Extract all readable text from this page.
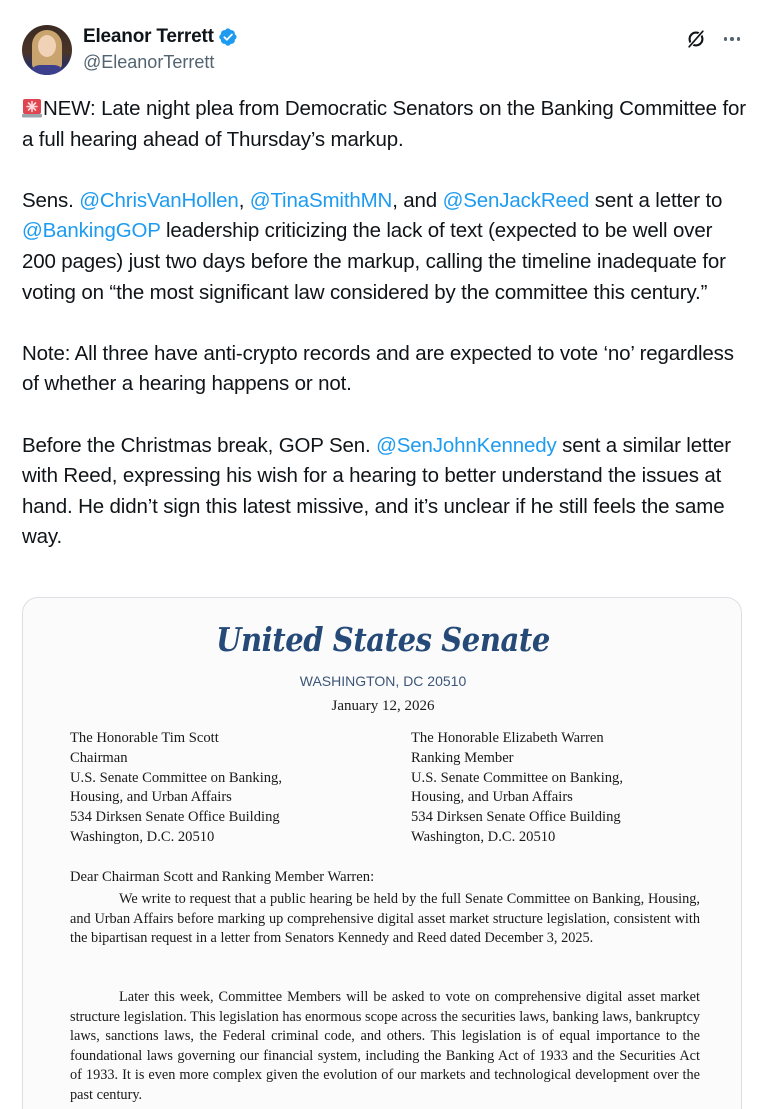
Eleanor Terrett
@EleanorTerrett

NEW: Late night plea from Democratic Senators on the Banking Committee for a full hearing ahead of Thursday’s markup.

Sens. @ChrisVanHollen, @TinaSmithMN, and @SenJackReed sent a letter to @BankingGOP leadership criticizing the lack of text (expected to be well over 200 pages) just two days before the markup, calling the timeline inadequate for voting on “the most significant law considered by the committee this century.”

Note: All three have anti-crypto records and are expected to vote ‘no’ regardless of whether a hearing happens or not.

Before the Christmas break, GOP Sen. @SenJohnKennedy sent a similar letter with Reed, expressing his wish for a hearing to better understand the issues at hand. He didn’t sign this latest missive, and it’s unclear if he still feels the same way.

United States Senate
WASHINGTON, DC 20510
January 12, 2026
The Honorable Tim Scott
Chairman
U.S. Senate Committee on Banking,
Housing, and Urban Affairs
534 Dirksen Senate Office Building
Washington, D.C. 20510
The Honorable Elizabeth Warren
Ranking Member
U.S. Senate Committee on Banking,
Housing, and Urban Affairs
534 Dirksen Senate Office Building
Washington, D.C. 20510
Dear Chairman Scott and Ranking Member Warren:
We write to request that a public hearing be held by the full Senate Committee on Banking, Housing, and Urban Affairs before marking up comprehensive digital asset market structure legislation, consistent with the bipartisan request in a letter from Senators Kennedy and Reed dated December 3, 2025.
Later this week, Committee Members will be asked to vote on comprehensive digital asset market structure legislation. This legislation has enormous scope across the securities laws, banking laws, bankruptcy laws, sanctions laws, the Federal criminal code, and others. This legislation is of equal importance to the foundational laws governing our financial system, including the Banking Act of 1933 and the Securities Act of 1933. It is even more complex given the evolution of our markets and technological development over the past century.
